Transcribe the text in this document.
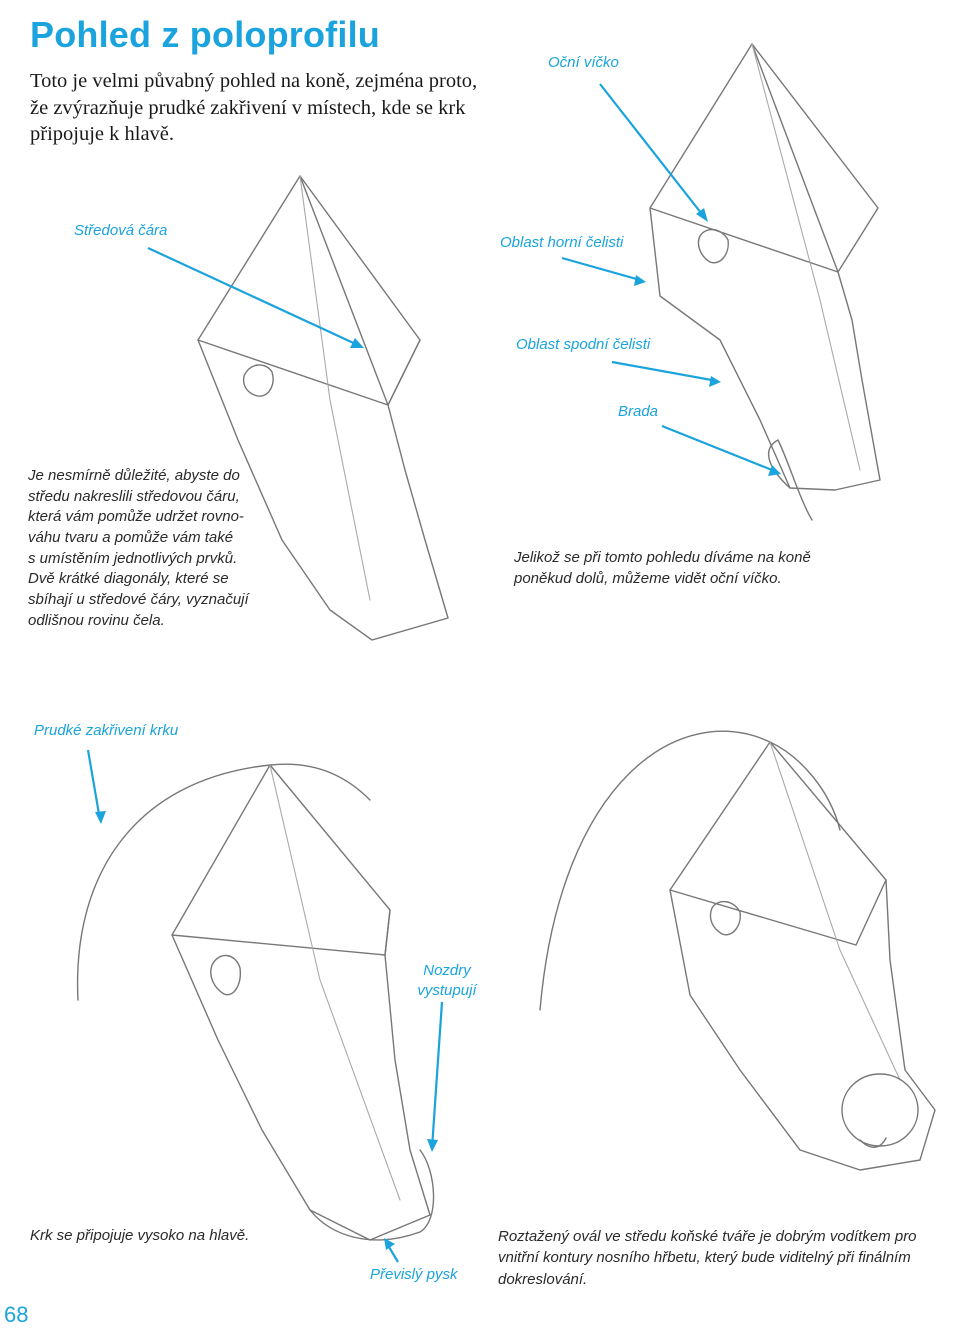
Pohled z poloprofilu
Toto je velmi půvabný pohled na koně, zejména proto, že zvýrazňuje prudké zakřivení v místech, kde se krk připojuje k hlavě.
Oční víčko
Středová čára
Oblast horní čelisti
Oblast spodní čelisti
Brada
Je nesmírně důležité, abyste do
středu nakreslili středovou čáru,
která vám pomůže udržet rovno-
váhu tvaru a pomůže vám také
s umístěním jednotlivých prvků.
Dvě krátké diagonály, které se
sbíhají u středové čáry, vyznačují
odlišnou rovinu čela.
Jelikož se při tomto pohledu díváme na koně
poněkud dolů, můžeme vidět oční víčko.
Prudké zakřivení krku
Nozdry
vystupují
Krk se připojuje vysoko na hlavě.
Převislý pysk
Roztažený ovál ve středu koňské tváře je dobrým vodítkem pro
vnitřní kontury nosního hřbetu, který bude viditelný při finálním
dokreslování.
68
